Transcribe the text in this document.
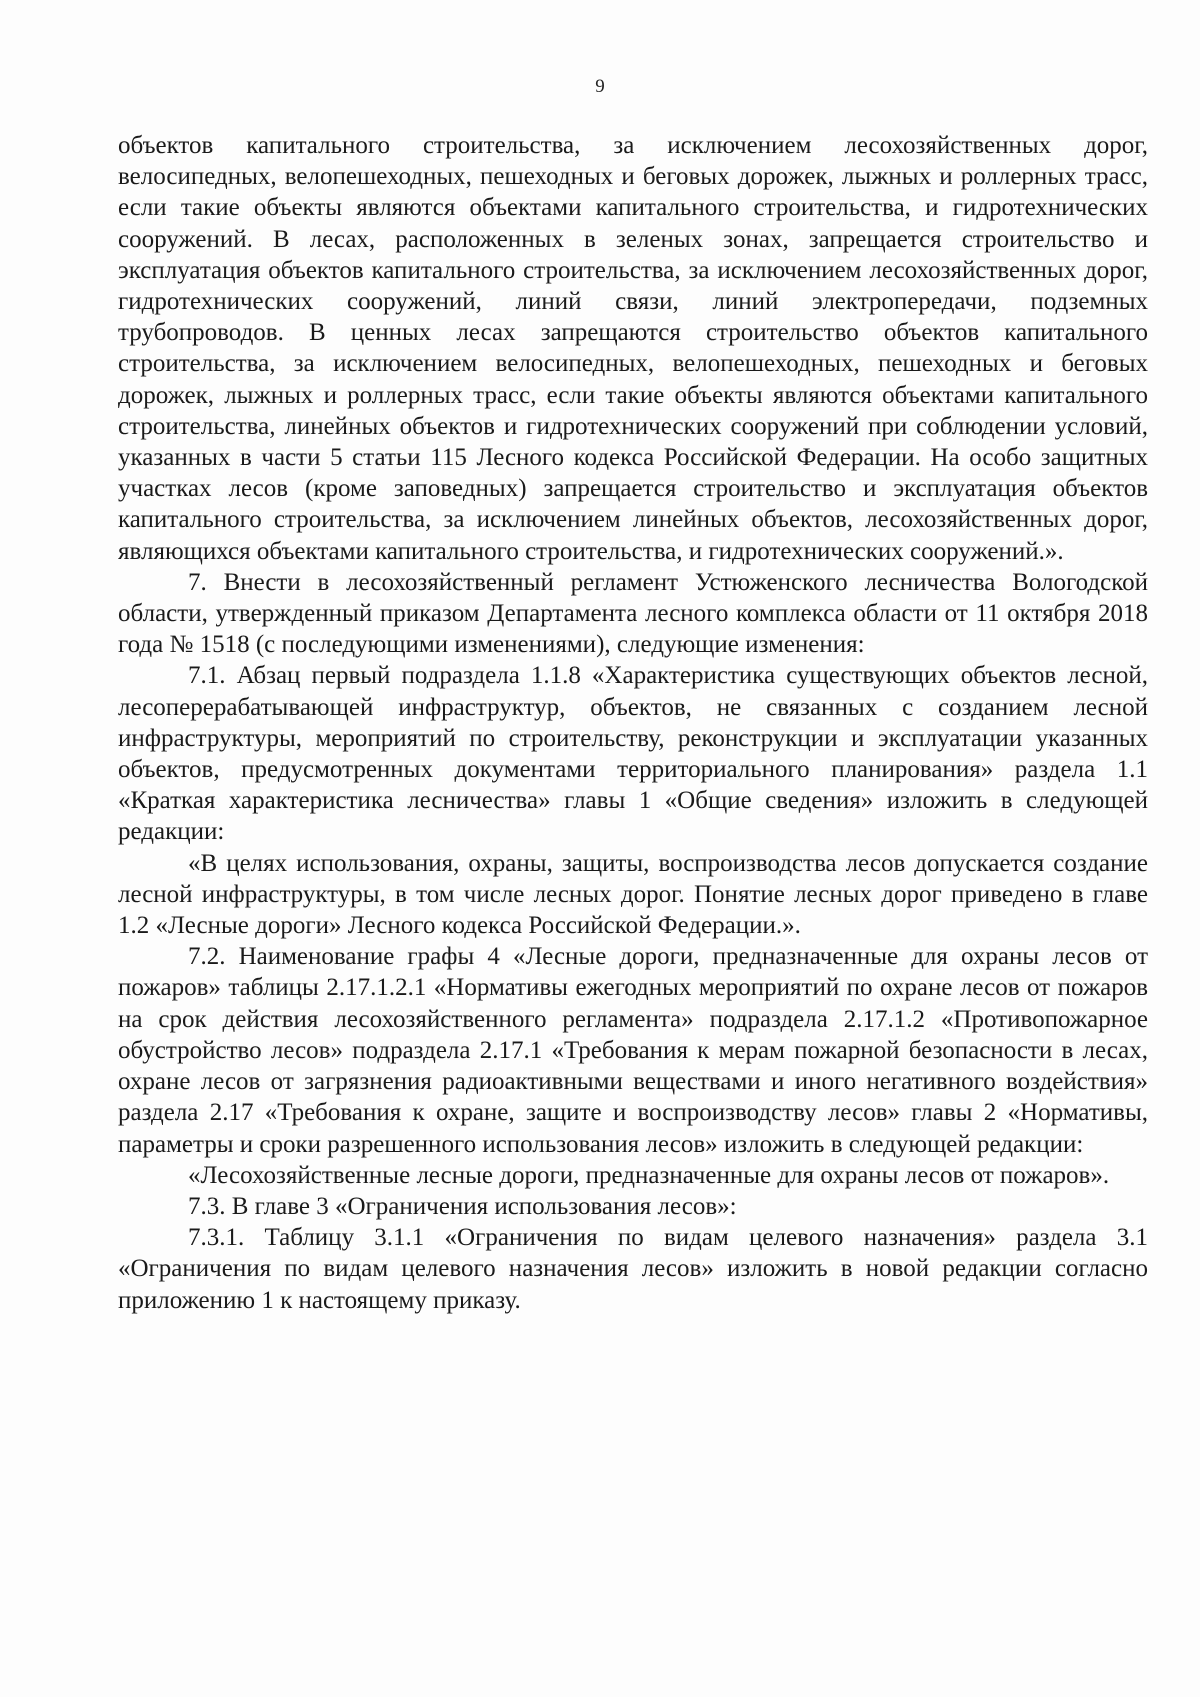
9

объектов капитального строительства, за исключением лесохозяйственных дорог, велосипедных, велопешеходных, пешеходных и беговых дорожек, лыжных и роллерных трасс, если такие объекты являются объектами капитального строительства, и гидротехнических сооружений. В лесах, расположенных в зеленых зонах, запрещается строительство и эксплуатация объектов капитального строительства, за исключением лесохозяйственных дорог, гидротехнических сооружений, линий связи, линий электропередачи, подземных трубопроводов. В ценных лесах запрещаются строительство объектов капитального строительства, за исключением велосипедных, велопешеходных, пешеходных и беговых дорожек, лыжных и роллерных трасс, если такие объекты являются объектами капитального строительства, линейных объектов и гидротехнических сооружений при соблюдении условий, указанных в части 5 статьи 115 Лесного кодекса Российской Федерации. На особо защитных участках лесов (кроме заповедных) запрещается строительство и эксплуатация объектов капитального строительства, за исключением линейных объектов, лесохозяйственных дорог, являющихся объектами капитального строительства, и гидротехнических сооружений.».

7. Внести в лесохозяйственный регламент Устюженского лесничества Вологодской области, утвержденный приказом Департамента лесного комплекса области от 11 октября 2018 года № 1518 (с последующими изменениями), следующие изменения:

7.1. Абзац первый подраздела 1.1.8 «Характеристика существующих объектов лесной, лесоперерабатывающей инфраструктур, объектов, не связанных с созданием лесной инфраструктуры, мероприятий по строительству, реконструкции и эксплуатации указанных объектов, предусмотренных документами территориального планирования» раздела 1.1 «Краткая характеристика лесничества» главы 1 «Общие сведения» изложить в следующей редакции:

«В целях использования, охраны, защиты, воспроизводства лесов допускается создание лесной инфраструктуры, в том числе лесных дорог. Понятие лесных дорог приведено в главе 1.2 «Лесные дороги» Лесного кодекса Российской Федерации.».

7.2. Наименование графы 4 «Лесные дороги, предназначенные для охраны лесов от пожаров» таблицы 2.17.1.2.1 «Нормативы ежегодных мероприятий по охране лесов от пожаров на срок действия лесохозяйственного регламента» подраздела 2.17.1.2 «Противопожарное обустройство лесов» подраздела 2.17.1 «Требования к мерам пожарной безопасности в лесах, охране лесов от загрязнения радиоактивными веществами и иного негативного воздействия» раздела 2.17 «Требования к охране, защите и воспроизводству лесов» главы 2 «Нормативы, параметры и сроки разрешенного использования лесов» изложить в следующей редакции:

«Лесохозяйственные лесные дороги, предназначенные для охраны лесов от пожаров».

7.3. В главе 3 «Ограничения использования лесов»:

7.3.1. Таблицу 3.1.1 «Ограничения по видам целевого назначения» раздела 3.1 «Ограничения по видам целевого назначения лесов» изложить в новой редакции согласно приложению 1 к настоящему приказу.
